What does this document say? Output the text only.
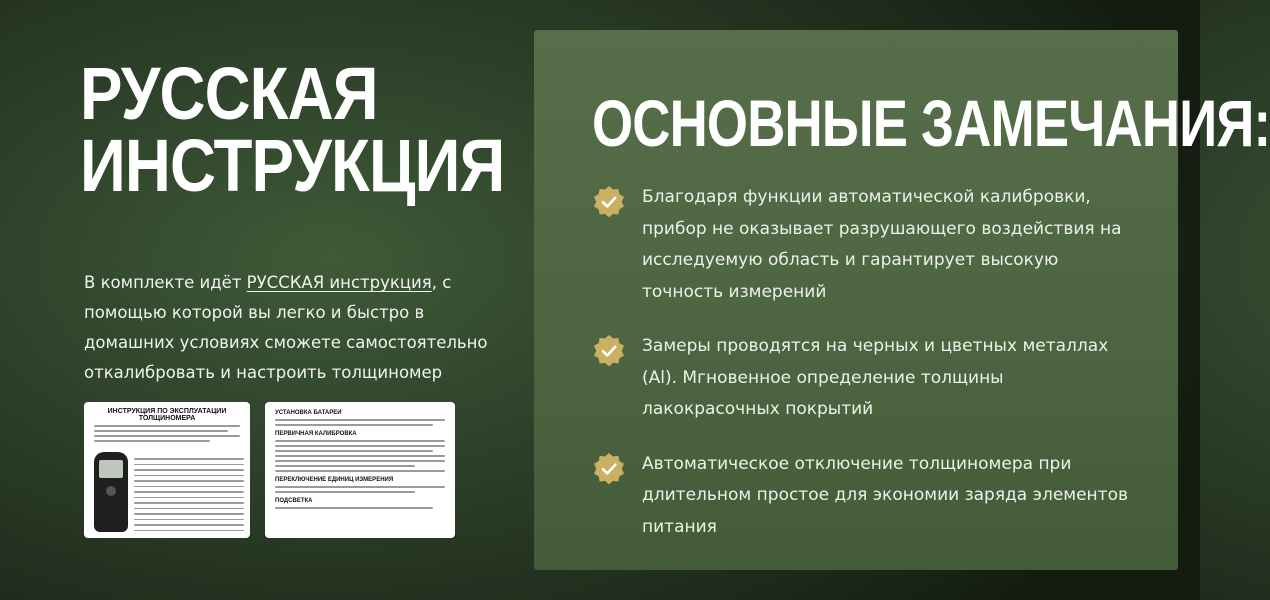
РУССКАЯ
ИНСТРУКЦИЯ

В комплекте идёт РУССКАЯ инструкция, с помощью которой вы легко и быстро в домашних условиях сможете самостоятельно откалибровать и настроить толщиномер

ИНСТРУКЦИЯ ПО ЭКСПЛУАТАЦИИ ТОЛЩИНОМЕРА
УСТАНОВКА БАТАРЕИ
ПЕРВИЧНАЯ КАЛИБРОВКА
ПЕРЕКЛЮЧЕНИЕ ЕДИНИЦ ИЗМЕРЕНИЯ
ПОДСВЕТКА
ОСНОВНЫЕ ЗАМЕЧАНИЯ:
Благодаря функции автоматической калибровки, прибор не оказывает разрушающего воздействия на исследуемую область и гарантирует высокую точность измерений
Замеры проводятся на черных и цветных металлах (Al). Мгновенное определение толщины лакокрасочных покрытий
Автоматическое отключение толщиномера при длительном простое для экономии заряда элементов питания
